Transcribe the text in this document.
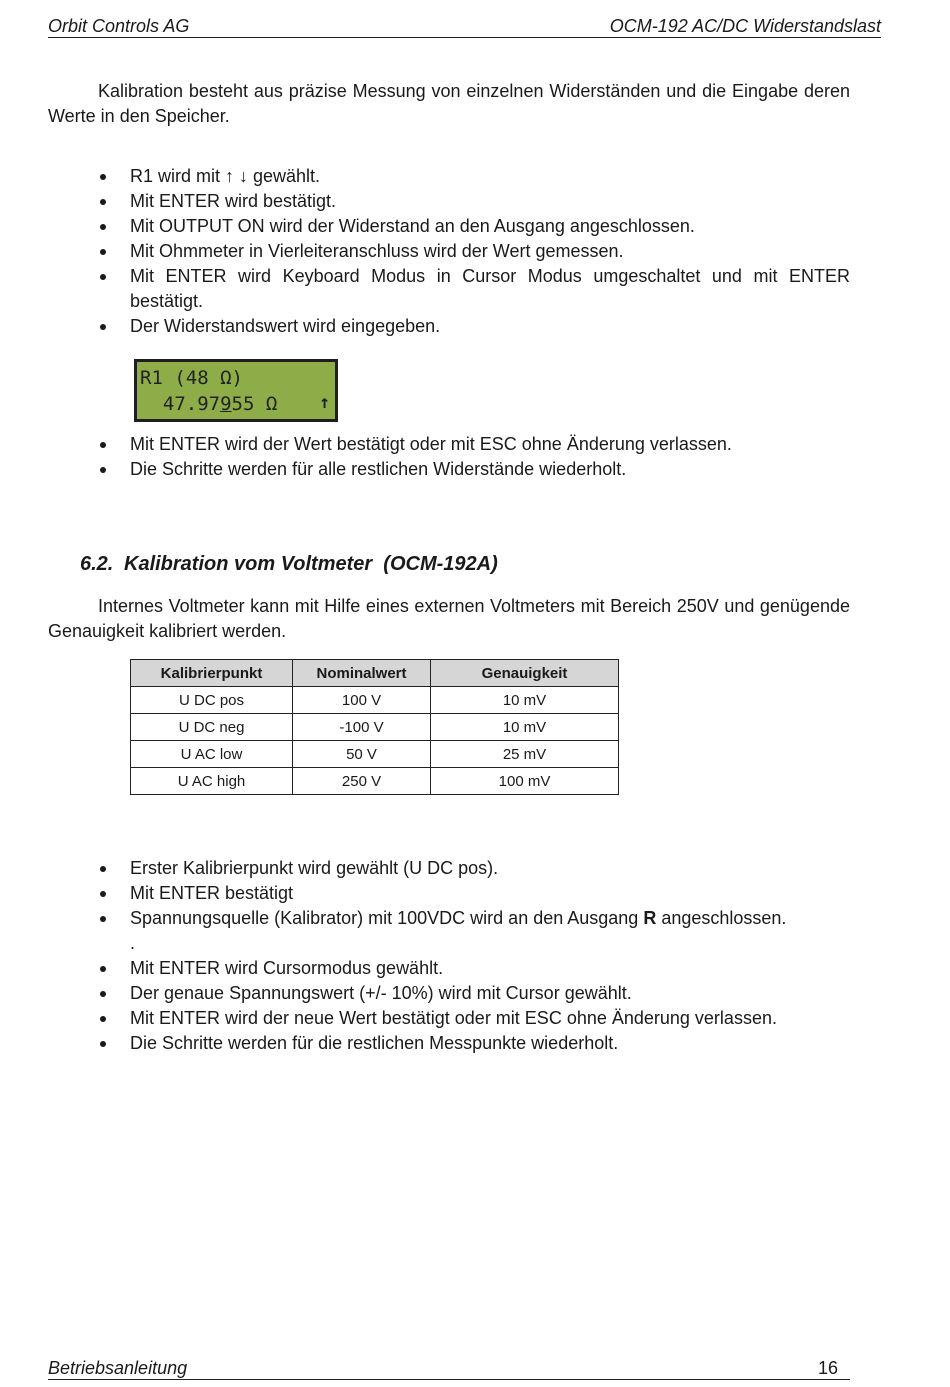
Orbit Controls AG	OCM-192 AC/DC Widerstandslast

Kalibration besteht aus präzise Messung von einzelnen Widerständen und die Eingabe deren Werte in den Speicher.

R1 wird mit ↑ ↓ gewählt.
Mit ENTER wird bestätigt.
Mit OUTPUT ON wird der Widerstand an den Ausgang angeschlossen.
Mit Ohmmeter in Vierleiteranschluss wird der Wert gemessen.
Mit ENTER wird Keyboard Modus in Cursor Modus umgeschaltet und mit ENTER bestätigt.
Der Widerstandswert wird eingegeben.
R1 (48 Ω)
47.97955 Ω ↑
Mit ENTER wird der Wert bestätigt oder mit ESC ohne Änderung verlassen.
Die Schritte werden für alle restlichen Widerstände wiederholt.
6.2. Kalibration vom Voltmeter  (OCM-192A)

Internes Voltmeter kann mit Hilfe eines externen Voltmeters mit Bereich 250V und genügende Genauigkeit kalibriert werden.

Kalibrierpunkt	Nominalwert	Genauigkeit
U DC pos	100 V	10 mV
U DC neg	-100 V	10 mV
U AC low	50 V	25 mV
U AC high	250 V	100 mV
Erster Kalibrierpunkt wird gewählt (U DC pos).
Mit ENTER bestätigt
Spannungsquelle (Kalibrator) mit 100VDC wird an den Ausgang R angeschlossen.
.
Mit ENTER wird Cursormodus gewählt.
Der genaue Spannungswert (+/- 10%) wird mit Cursor gewählt.
Mit ENTER wird der neue Wert bestätigt oder mit ESC ohne Änderung verlassen.
Die Schritte werden für die restlichen Messpunkte wiederholt.
Betriebsanleitung	16
